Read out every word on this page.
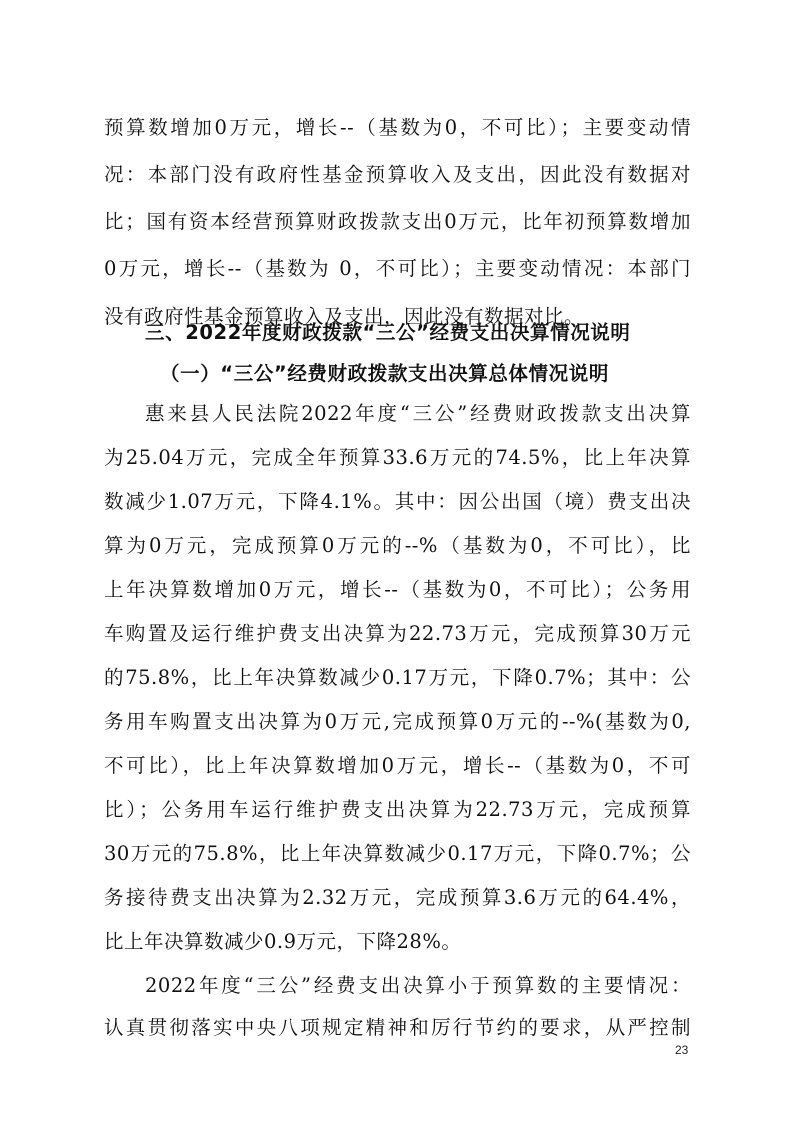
预算数增加0万元，增长--（基数为0，不可比）；主要变动情
况：本部门没有政府性基金预算收入及支出，因此没有数据对
比；国有资本经营预算财政拨款支出0万元，比年初预算数增加
0万元，增长--（基数为 0，不可比）；主要变动情况：本部门
没有政府性基金预算收入及支出，因此没有数据对比。
三、2022年度财政拨款“三公”经费支出决算情况说明
（一）“三公”经费财政拨款支出决算总体情况说明
惠来县人民法院2022年度“三公”经费财政拨款支出决算
为25.04万元，完成全年预算33.6万元的74.5%，比上年决算
数减少1.07万元，下降4.1%。其中：因公出国（境）费支出决
算为0万元，完成预算0万元的--%（基数为0，不可比），比
上年决算数增加0万元，增长--（基数为0，不可比）；公务用
车购置及运行维护费支出决算为22.73万元，完成预算30万元
的75.8%，比上年决算数减少0.17万元，下降0.7%；其中：公
务用车购置支出决算为0万元,完成预算0万元的--%(基数为0,
不可比），比上年决算数增加0万元，增长--（基数为0，不可
比）；公务用车运行维护费支出决算为22.73万元，完成预算
30万元的75.8%，比上年决算数减少0.17万元，下降0.7%；公
务接待费支出决算为2.32万元，完成预算3.6万元的64.4%，
比上年决算数减少0.9万元，下降28%。
2022年度“三公”经费支出决算小于预算数的主要情况：
认真贯彻落实中央八项规定精神和厉行节约的要求，从严控制
23
